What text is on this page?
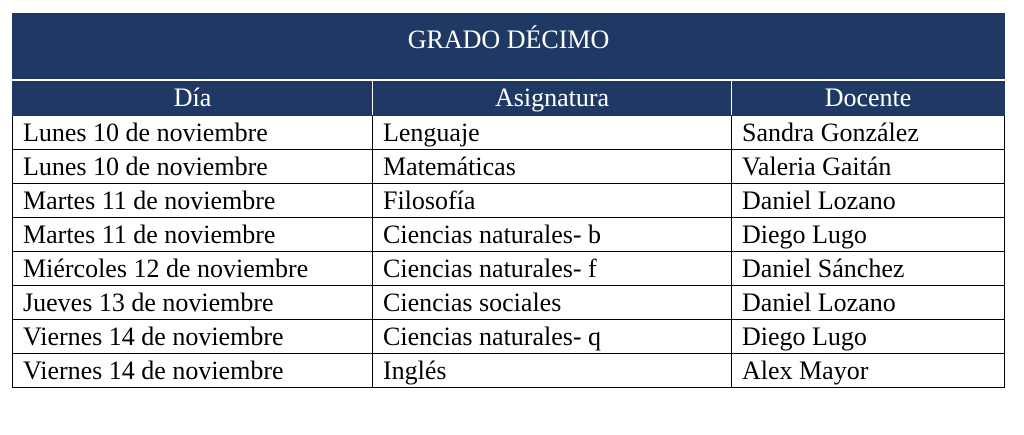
GRADO DÉCIMO		
Día	Asignatura	Docente
Lunes 10 de noviembre	Lenguaje	Sandra González
Lunes 10 de noviembre	Matemáticas	Valeria Gaitán
Martes 11 de noviembre	Filosofía	Daniel Lozano
Martes 11 de noviembre	Ciencias naturales- b	Diego Lugo
Miércoles 12 de noviembre	Ciencias naturales- f	Daniel Sánchez
Jueves 13 de noviembre	Ciencias sociales	Daniel Lozano
Viernes 14 de noviembre	Ciencias naturales- q	Diego Lugo
Viernes 14 de noviembre	Inglés	Alex Mayor
